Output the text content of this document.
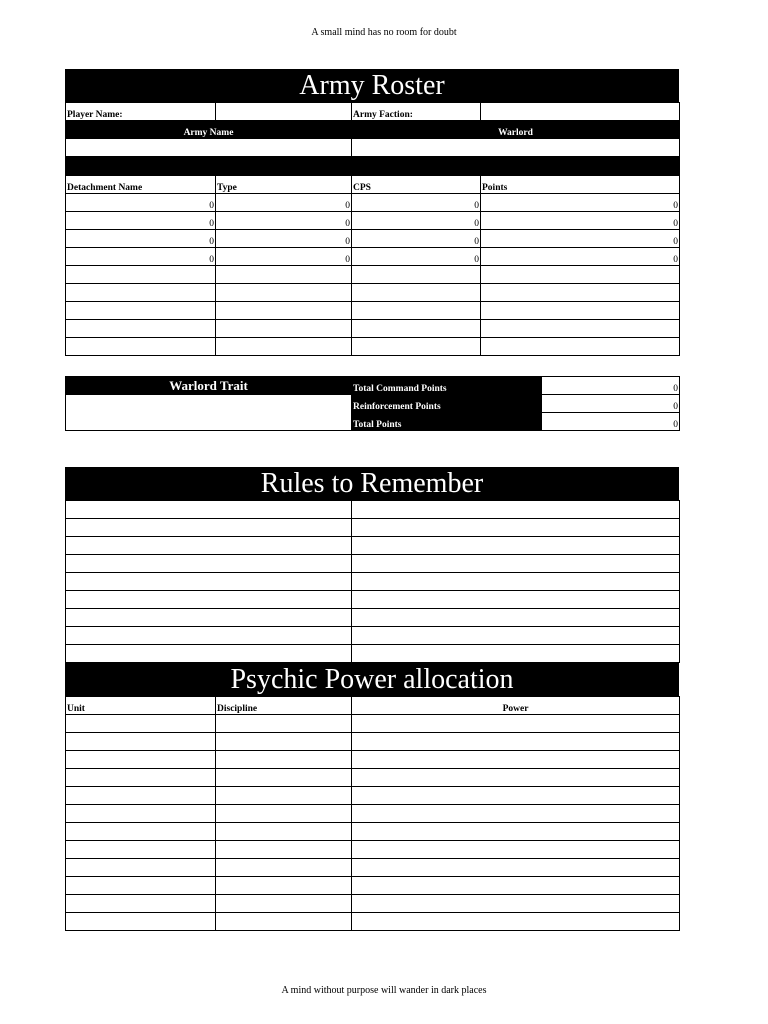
A small mind has no room for doubt
Army Roster
Player Name:		Army Faction:	
Army Name		Warlord	

Detachment Name	Type	CPS	Points
0	0	0	0
0	0	0	0
0	0	0	0
0	0	0	0

Warlord Trait	Total Command Points	0
	Reinforcement Points	0
	Total Points	0
Rules to Remember

Psychic Power allocation
Unit	Discipline	Power

A mind without purpose will wander in dark places
